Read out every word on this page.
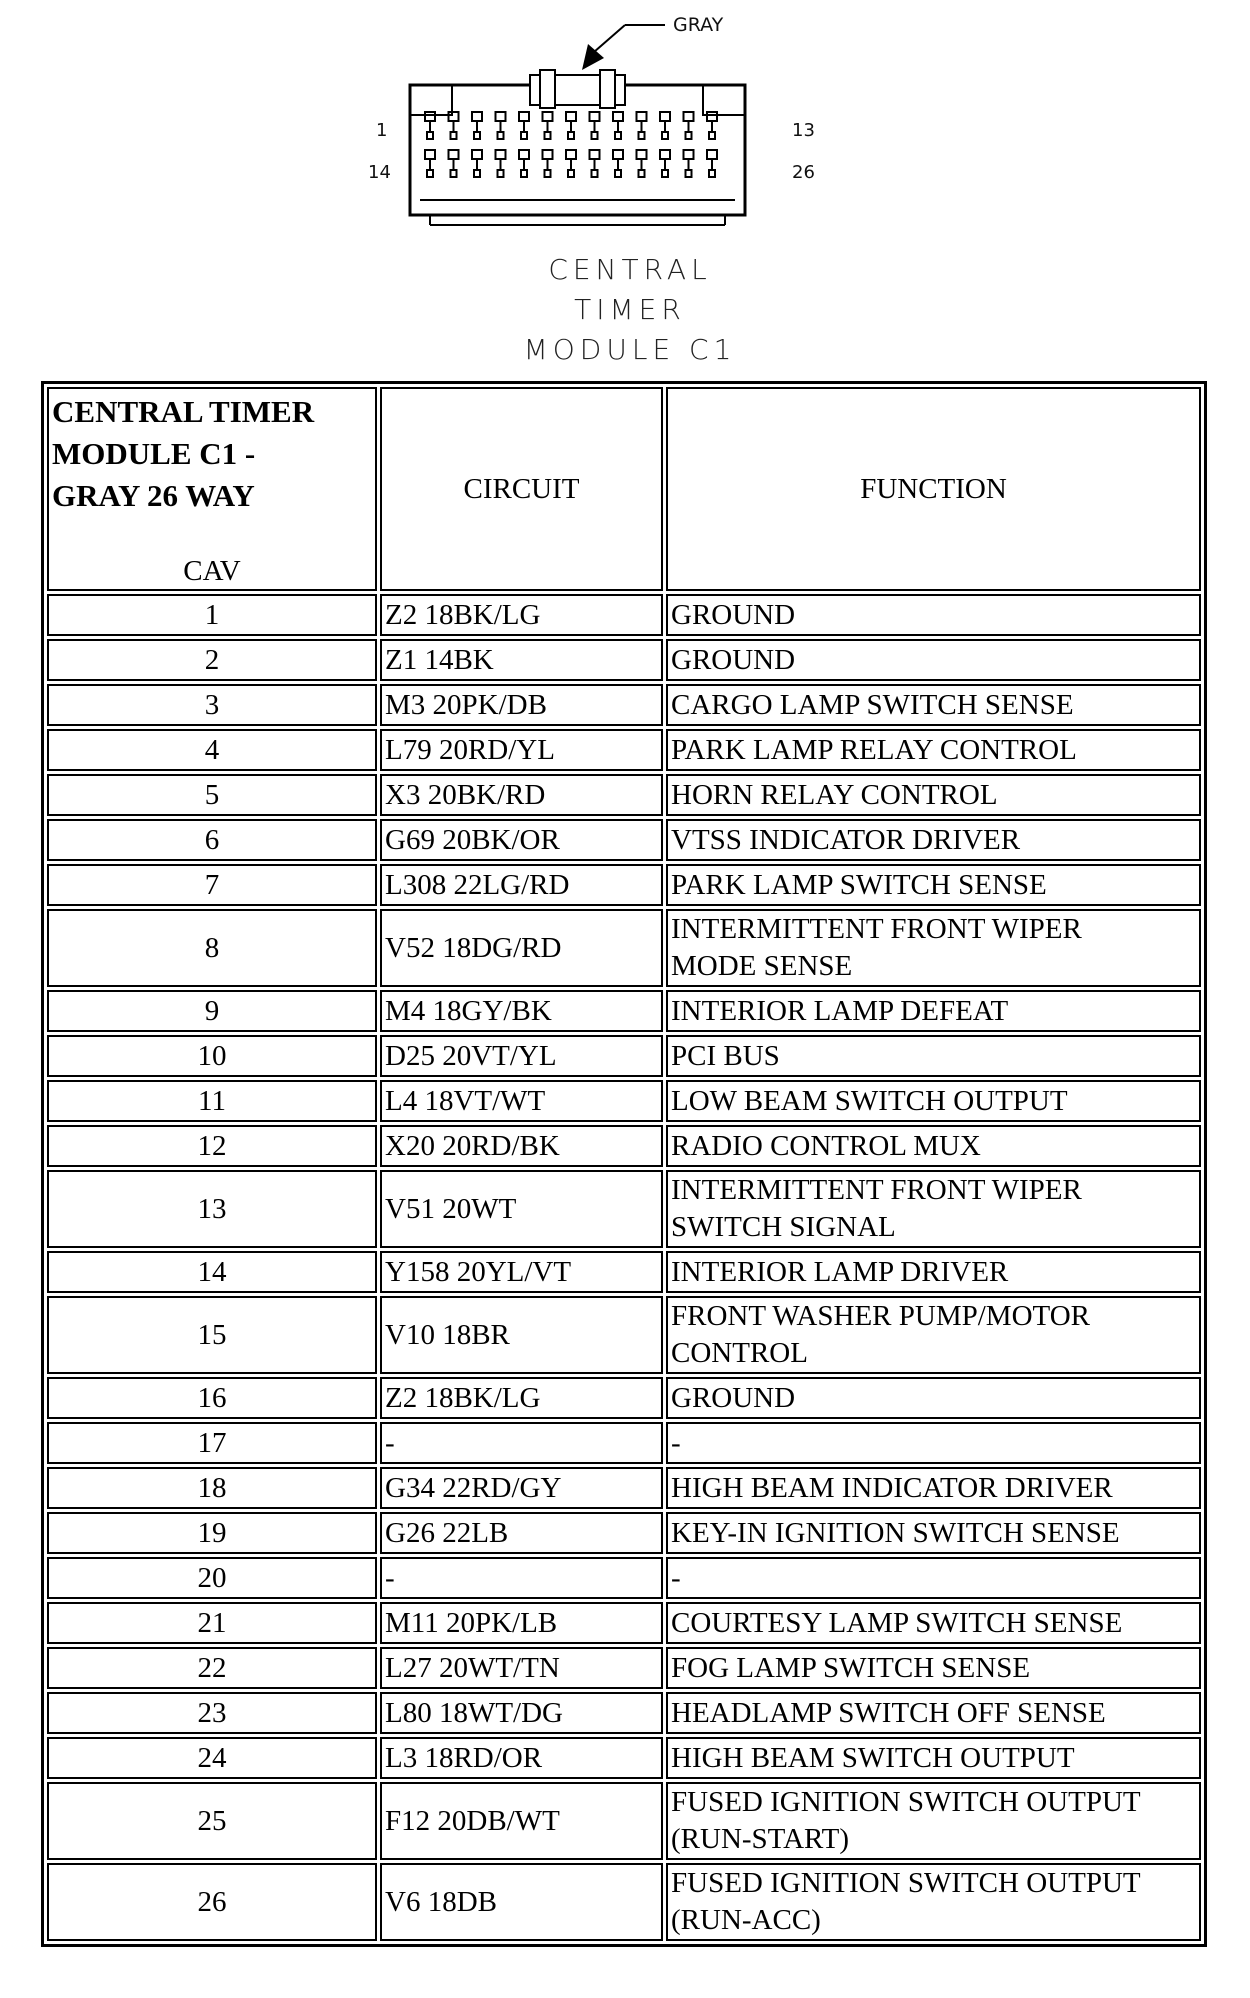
GRAY
1
14
13
26
CENTRAL
TIMER
MODULE C1
CENTRAL TIMER
MODULE C1 -
GRAY 26 WAY
CAV	CIRCUIT	FUNCTION

1	Z2 18BK/LG	GROUND

2	Z1 14BK	GROUND

3	M3 20PK/DB	CARGO LAMP SWITCH SENSE

4	L79 20RD/YL	PARK LAMP RELAY CONTROL

5	X3 20BK/RD	HORN RELAY CONTROL

6	G69 20BK/OR	VTSS INDICATOR DRIVER

7	L308 22LG/RD	PARK LAMP SWITCH SENSE

8	V52 18DG/RD	INTERMITTENT FRONT WIPER
MODE SENSE

9	M4 18GY/BK	INTERIOR LAMP DEFEAT

10	D25 20VT/YL	PCI BUS

11	L4 18VT/WT	LOW BEAM SWITCH OUTPUT

12	X20 20RD/BK	RADIO CONTROL MUX

13	V51 20WT	INTERMITTENT FRONT WIPER
SWITCH SIGNAL

14	Y158 20YL/VT	INTERIOR LAMP DRIVER

15	V10 18BR	FRONT WASHER PUMP/MOTOR
CONTROL

16	Z2 18BK/LG	GROUND

17	-	-

18	G34 22RD/GY	HIGH BEAM INDICATOR DRIVER

19	G26 22LB	KEY-IN IGNITION SWITCH SENSE

20	-	-

21	M11 20PK/LB	COURTESY LAMP SWITCH SENSE

22	L27 20WT/TN	FOG LAMP SWITCH SENSE

23	L80 18WT/DG	HEADLAMP SWITCH OFF SENSE

24	L3 18RD/OR	HIGH BEAM SWITCH OUTPUT

25	F12 20DB/WT	FUSED IGNITION SWITCH OUTPUT
(RUN-START)

26	V6 18DB	FUSED IGNITION SWITCH OUTPUT
(RUN-ACC)
